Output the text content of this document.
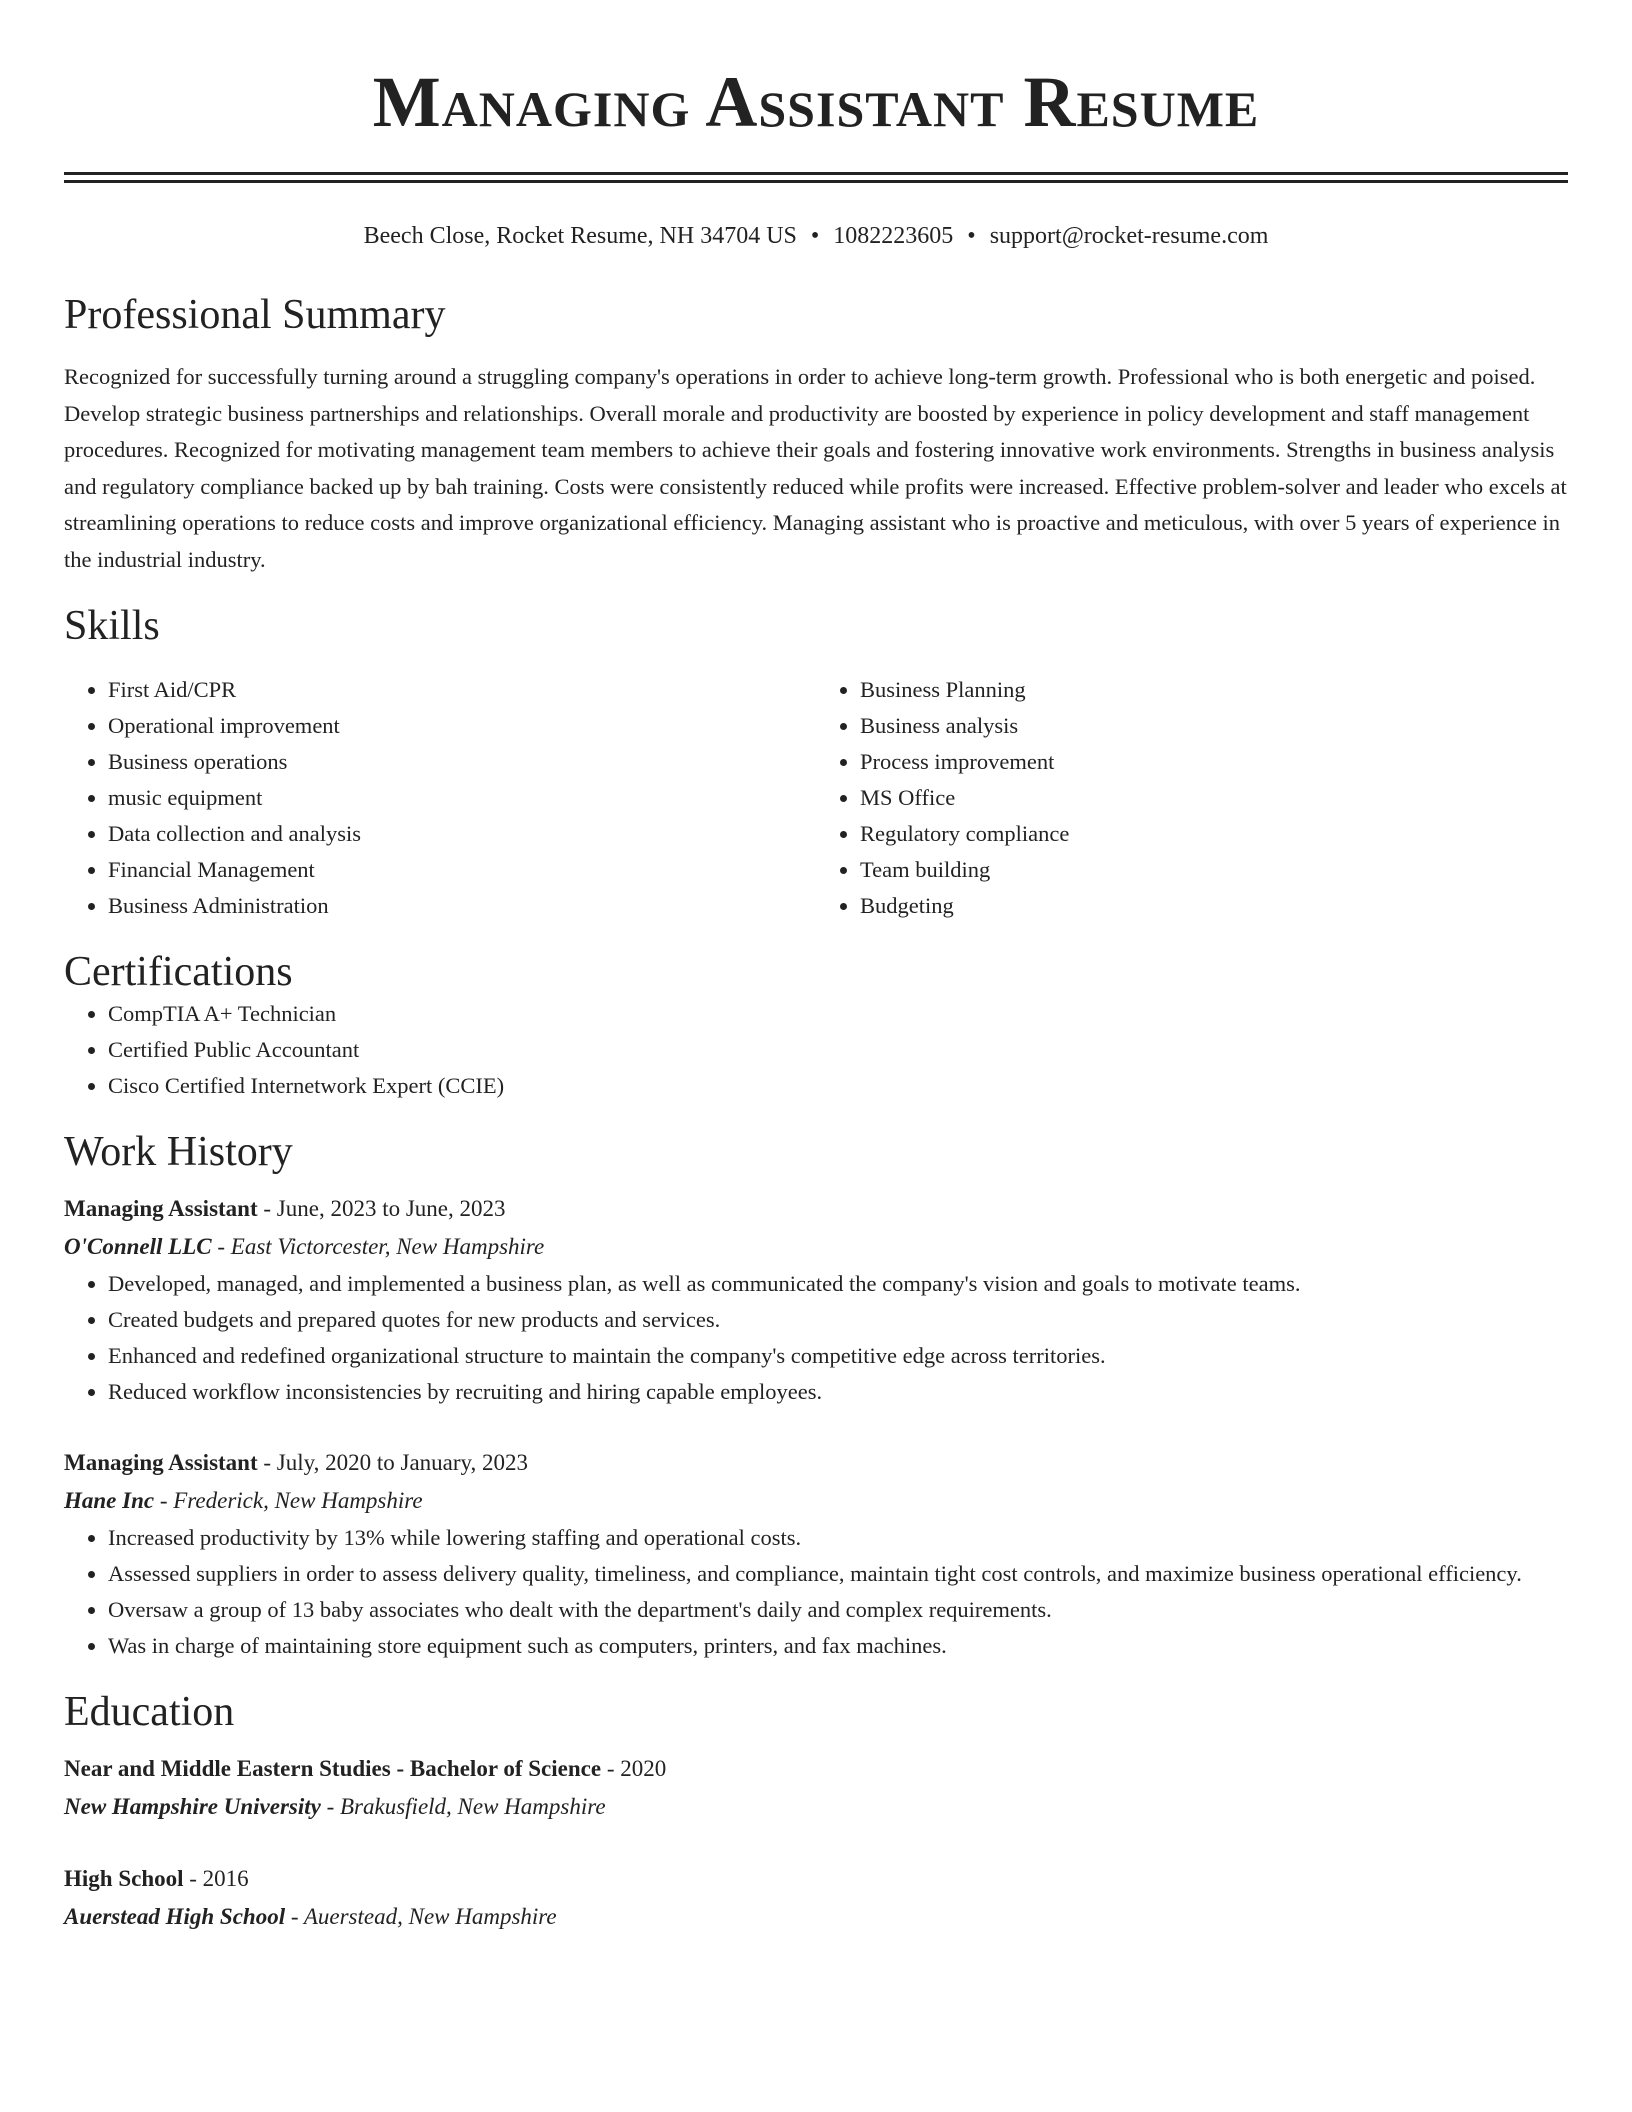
Managing Assistant Resume
Beech Close, Rocket Resume, NH 34704 US • 1082223605 • support@rocket-resume.com
Professional Summary

Recognized for successfully turning around a struggling company's operations in order to achieve long-term growth. Professional who is both energetic and poised. Develop strategic business partnerships and relationships. Overall morale and productivity are boosted by experience in policy development and staff management procedures. Recognized for motivating management team members to achieve their goals and fostering innovative work environments. Strengths in business analysis and regulatory compliance backed up by bah training. Costs were consistently reduced while profits were increased. Effective problem-solver and leader who excels at streamlining operations to reduce costs and improve organizational efficiency. Managing assistant who is proactive and meticulous, with over 5 years of experience in the industrial industry.

Skills
• First Aid/CPR
• Operational improvement
• Business operations
• music equipment
• Data collection and analysis
• Financial Management
• Business Administration
• Business Planning
• Business analysis
• Process improvement
• MS Office
• Regulatory compliance
• Team building
• Budgeting
Certifications
• CompTIA A+ Technician
• Certified Public Accountant
• Cisco Certified Internetwork Expert (CCIE)
Work History
Managing Assistant - June, 2023 to June, 2023
O'Connell LLC - East Victorcester, New Hampshire
• Developed, managed, and implemented a business plan, as well as communicated the company's vision and goals to motivate teams.
• Created budgets and prepared quotes for new products and services.
• Enhanced and redefined organizational structure to maintain the company's competitive edge across territories.
• Reduced workflow inconsistencies by recruiting and hiring capable employees.
Managing Assistant - July, 2020 to January, 2023
Hane Inc - Frederick, New Hampshire
• Increased productivity by 13% while lowering staffing and operational costs.
• Assessed suppliers in order to assess delivery quality, timeliness, and compliance, maintain tight cost controls, and maximize business operational efficiency.
• Oversaw a group of 13 baby associates who dealt with the department's daily and complex requirements.
• Was in charge of maintaining store equipment such as computers, printers, and fax machines.
Education
Near and Middle Eastern Studies - Bachelor of Science - 2020
New Hampshire University - Brakusfield, New Hampshire
High School - 2016
Auerstead High School - Auerstead, New Hampshire
